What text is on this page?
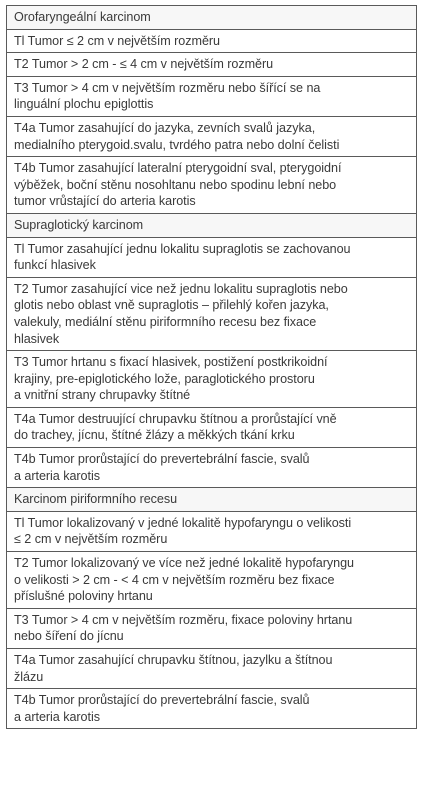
Orofaryngeální karcinom
Tl Tumor ≤ 2 cm v největším rozměru
T2 Tumor > 2 cm - ≤ 4 cm v největším rozměru
T3 Tumor > 4 cm v největším rozměru nebo šířící se na
linguální plochu epiglottis
T4a Tumor zasahující do jazyka, zevních svalů jazyka,
medialního pterygoid.svalu, tvrdého patra nebo dolní čelisti
T4b Tumor zasahující lateralní pterygoidní sval, pterygoidní
výběžek, boční stěnu nosohltanu nebo spodinu lební nebo
tumor vrůstající do arteria karotis
Supraglotický karcinom
Tl Tumor zasahující jednu lokalitu supraglotis se zachovanou
funkcí hlasivek
T2 Tumor zasahující vice než jednu lokalitu supraglotis nebo
glotis nebo oblast vně supraglotis – přilehlý kořen jazyka,
valekuly, mediální stěnu piriformního recesu bez fixace
hlasivek
T3 Tumor hrtanu s fixací hlasivek, postižení postkrikoidní
krajiny, pre-epiglotického lože, paraglotického prostoru
a vnitřní strany chrupavky štítné
T4a Tumor destruující chrupavku štítnou a prorůstající vně
do trachey, jícnu, štítné žlázy a měkkých tkání krku
T4b Tumor prorůstající do prevertebrální fascie, svalů
a arteria karotis
Karcinom piriformního recesu
Tl Tumor lokalizovaný v jedné lokalitě hypofaryngu o velikosti
≤ 2 cm v největším rozměru
T2 Tumor lokalizovaný ve více než jedné lokalitě hypofaryngu
o velikosti > 2 cm - < 4 cm v největším rozměru bez fixace
příslušné poloviny hrtanu
T3 Tumor > 4 cm v největším rozměru, fixace poloviny hrtanu
nebo šíření do jícnu
T4a Tumor zasahující chrupavku štítnou, jazylku a štítnou
žlázu
T4b Tumor prorůstající do prevertebrální fascie, svalů
a arteria karotis
